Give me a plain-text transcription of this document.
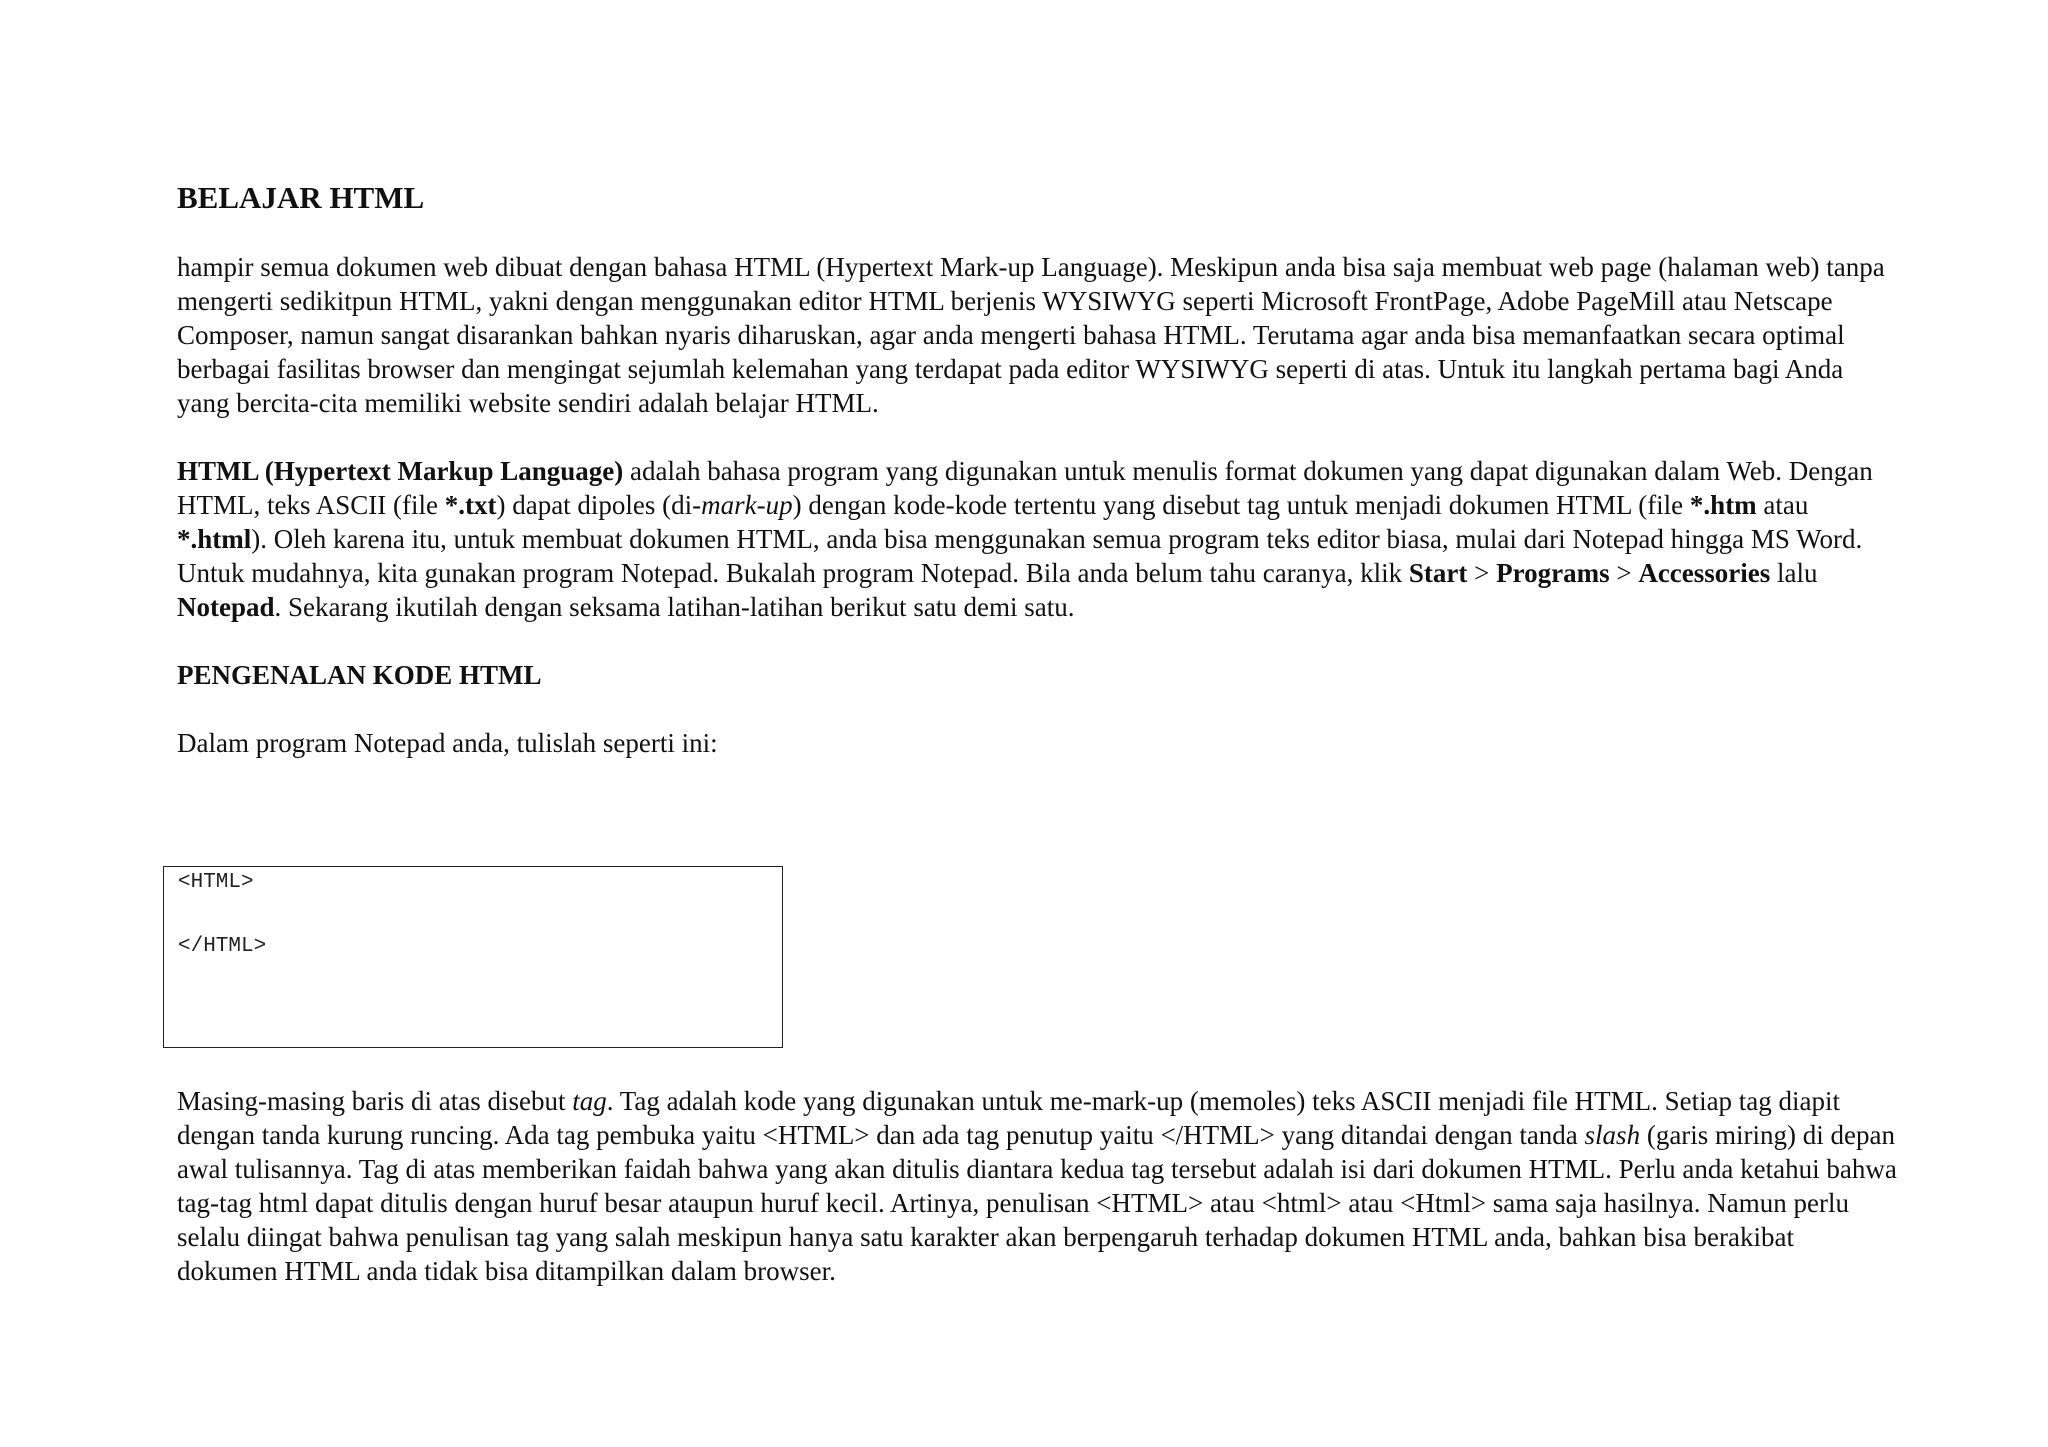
BELAJAR HTML

hampir semua dokumen web dibuat dengan bahasa HTML (Hypertext Mark-up Language). Meskipun anda bisa saja membuat web page (halaman web) tanpa mengerti sedikitpun HTML, yakni dengan menggunakan editor HTML berjenis WYSIWYG seperti Microsoft FrontPage, Adobe PageMill atau Netscape Composer, namun sangat disarankan bahkan nyaris diharuskan, agar anda mengerti bahasa HTML. Terutama agar anda bisa memanfaatkan secara optimal berbagai fasilitas browser dan mengingat sejumlah kelemahan yang terdapat pada editor WYSIWYG seperti di atas. Untuk itu langkah pertama bagi Anda yang bercita-cita memiliki website sendiri adalah belajar HTML.

HTML (Hypertext Markup Language) adalah bahasa program yang digunakan untuk menulis format dokumen yang dapat digunakan dalam Web. Dengan HTML, teks ASCII (file *.txt) dapat dipoles (di-mark-up) dengan kode-kode tertentu yang disebut tag untuk menjadi dokumen HTML (file *.htm atau *.html). Oleh karena itu, untuk membuat dokumen HTML, anda bisa menggunakan semua program teks editor biasa, mulai dari Notepad hingga MS Word. Untuk mudahnya, kita gunakan program Notepad. Bukalah program Notepad. Bila anda belum tahu caranya, klik Start > Programs > Accessories lalu Notepad. Sekarang ikutilah dengan seksama latihan-latihan berikut satu demi satu.

PENGENALAN KODE HTML

Dalam program Notepad anda, tulislah seperti ini:

<HTML>
</HTML>

Masing-masing baris di atas disebut tag. Tag adalah kode yang digunakan untuk me-mark-up (memoles) teks ASCII menjadi file HTML. Setiap tag diapit dengan tanda kurung runcing. Ada tag pembuka yaitu <HTML> dan ada tag penutup yaitu </HTML> yang ditandai dengan tanda slash (garis miring) di depan awal tulisannya. Tag di atas memberikan faidah bahwa yang akan ditulis diantara kedua tag tersebut adalah isi dari dokumen HTML. Perlu anda ketahui bahwa tag-tag html dapat ditulis dengan huruf besar ataupun huruf kecil. Artinya, penulisan <HTML> atau <html> atau <Html> sama saja hasilnya. Namun perlu selalu diingat bahwa penulisan tag yang salah meskipun hanya satu karakter akan berpengaruh terhadap dokumen HTML anda, bahkan bisa berakibat dokumen HTML anda tidak bisa ditampilkan dalam browser.
